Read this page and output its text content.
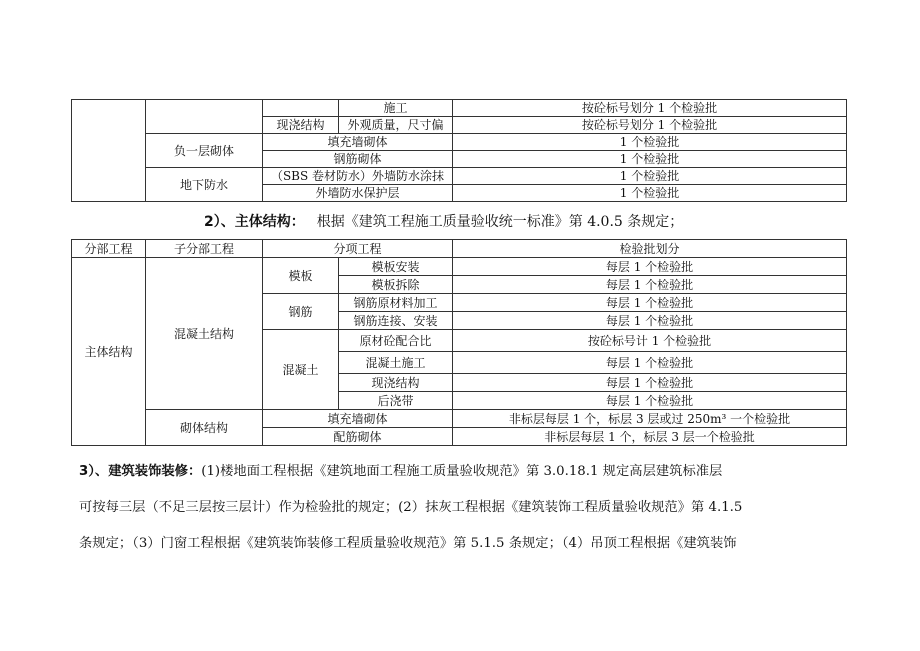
			施工	按砼标号划分 1 个检验批
		现浇结构	外观质量，尺寸偏	按砼标号划分 1 个检验批
	负一层砌体	填充墙砌体		1 个检验批
		钢筋砌体		1 个检验批
	地下防水	（SBS 卷材防水）外墙防水涂抹		1 个检验批
		外墙防水保护层		1 个检验批
2）、主体结构： 根据《建筑工程施工质量验收统一标准》第 4.0.5 条规定；
分部工程	子分部工程	分项工程		检验批划分
主体结构	混凝土结构	模板	模板安装	每层 1 个检验批
			模板拆除	每层 1 个检验批
		钢筋	钢筋原材料加工	每层 1 个检验批
			钢筋连接、安装	每层 1 个检验批
		混凝土	原材砼配合比	按砼标号计 1 个检验批
			混凝土施工	每层 1 个检验批
			现浇结构	每层 1 个检验批
			后浇带	每层 1 个检验批
	砌体结构	填充墙砌体		非标层每层 1 个，标层 3 层或过 250m³ 一个检验批
		配筋砌体		非标层每层 1 个，标层 3 层一个检验批
3）、建筑装饰装修：(1)楼地面工程根据《建筑地面工程施工质量验收规范》第 3.0.18.1 规定高层建筑标准层
可按每三层（不足三层按三层计）作为检验批的规定；(2）抹灰工程根据《建筑装饰工程质量验收规范》第 4.1.5
条规定；（3）门窗工程根据《建筑装饰装修工程质量验收规范》第 5.1.5 条规定；（4）吊顶工程根据《建筑装饰
